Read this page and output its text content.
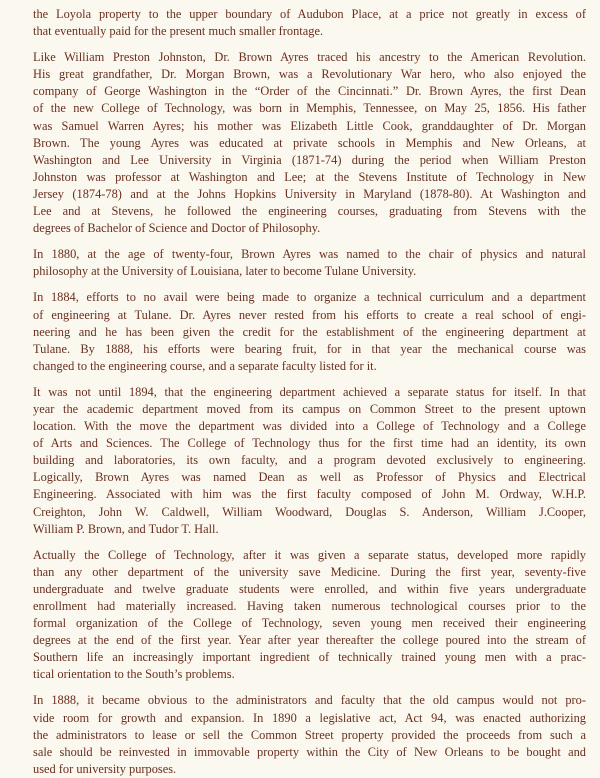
the Loyola property to the upper boundary of Audubon Place, at a price not greatly in excess of
that eventually paid for the present much smaller frontage.
Like William Preston Johnston, Dr. Brown Ayres traced his ancestry to the American Revolution.
His great grandfather, Dr. Morgan Brown, was a Revolutionary War hero, who also enjoyed the
company of George Washington in the “Order of the Cincinnati.” Dr. Brown Ayres, the first Dean
of the new College of Technology, was born in Memphis, Tennessee, on May 25, 1856. His father
was Samuel Warren Ayres; his mother was Elizabeth Little Cook, granddaughter of Dr. Morgan
Brown. The young Ayres was educated at private schools in Memphis and New Orleans, at
Washington and Lee University in Virginia (1871-74) during the period when William Preston
Johnston was professor at Washington and Lee; at the Stevens Institute of Technology in New
Jersey (1874-78) and at the Johns Hopkins University in Maryland (1878-80). At Washington and
Lee and at Stevens, he followed the engineering courses, graduating from Stevens with the
degrees of Bachelor of Science and Doctor of Philosophy.
In 1880, at the age of twenty-four, Brown Ayres was named to the chair of physics and natural
philosophy at the University of Louisiana, later to become Tulane University.
In 1884, efforts to no avail were being made to organize a technical curriculum and a department
of engineering at Tulane. Dr. Ayres never rested from his efforts to create a real school of engi-
neering and he has been given the credit for the establishment of the engineering department at
Tulane. By 1888, his efforts were bearing fruit, for in that year the mechanical course was
changed to the engineering course, and a separate faculty listed for it.
It was not until 1894, that the engineering department achieved a separate status for itself. In that
year the academic department moved from its campus on Common Street to the present uptown
location. With the move the department was divided into a College of Technology and a College
of Arts and Sciences. The College of Technology thus for the first time had an identity, its own
building and laboratories, its own faculty, and a program devoted exclusively to engineering.
Logically, Brown Ayres was named Dean as well as Professor of Physics and Electrical
Engineering. Associated with him was the first faculty composed of John M. Ordway, W.H.P.
Creighton, John W. Caldwell, William Woodward, Douglas S. Anderson, William J.Cooper,
William P. Brown, and Tudor T. Hall.
Actually the College of Technology, after it was given a separate status, developed more rapidly
than any other department of the university save Medicine. During the first year, seventy-five
undergraduate and twelve graduate students were enrolled, and within five years undergraduate
enrollment had materially increased. Having taken numerous technological courses prior to the
formal organization of the College of Technology, seven young men received their engineering
degrees at the end of the first year. Year after year thereafter the college poured into the stream of
Southern life an increasingly important ingredient of technically trained young men with a prac-
tical orientation to the South’s problems.
In 1888, it became obvious to the administrators and faculty that the old campus would not pro-
vide room for growth and expansion. In 1890 a legislative act, Act 94, was enacted authorizing
the administrators to lease or sell the Common Street property provided the proceeds from such a
sale should be reinvested in immovable property within the City of New Orleans to be bought and
used for university purposes.
